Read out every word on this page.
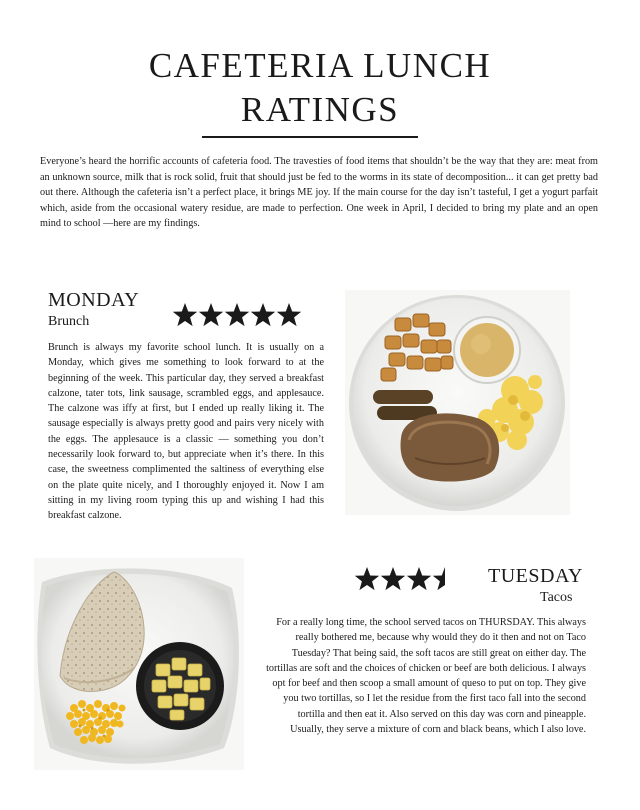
CAFETERIA LUNCH
RATINGS
Everyone’s heard the horrific accounts of cafeteria food. The travesties of food items that shouldn’t be the way that they are: meat from an unknown source, milk that is rock solid, fruit that should just be fed to the worms in its state of decomposition... it can get pretty bad out there. Although the cafeteria isn’t a perfect place, it brings ME joy. If the main course for the day isn’t tasteful, I get a yogurt parfait which, aside from the occasional watery residue, are made to perfection. One week in April, I decided to bring my plate and an open mind to school —here are my findings.
MONDAY
Brunch
Brunch is always my favorite school lunch. It is usually on a Monday, which gives me something to look forward to at the beginning of the week. This particular day, they served a breakfast calzone, tater tots, link sausage, scrambled eggs, and applesauce. The calzone was iffy at first, but I ended up really liking it. The sausage especially is always pretty good and pairs very nicely with the eggs. The applesauce is a classic — something you don’t necessarily look forward to, but appreciate when it’s there. In this case, the sweetness complimented the saltiness of everything else on the plate quite nicely, and I thoroughly enjoyed it. Now I am sitting in my living room typing this up and wishing I had this breakfast calzone.
TUESDAY
Tacos
For a really long time, the school served tacos on THURSDAY. This always really bothered me, because why would they do it then and not on Taco Tuesday? That being said, the soft tacos are still great on either day. The tortillas are soft and the choices of chicken or beef are both delicious. I always opt for beef and then scoop a small amount of queso to put on top. They give you two tortillas, so I let the residue from the first taco fall into the second tortilla and then eat it. Also served on this day was corn and pineapple. Usually, they serve a mixture of corn and black beans, which I also love.
